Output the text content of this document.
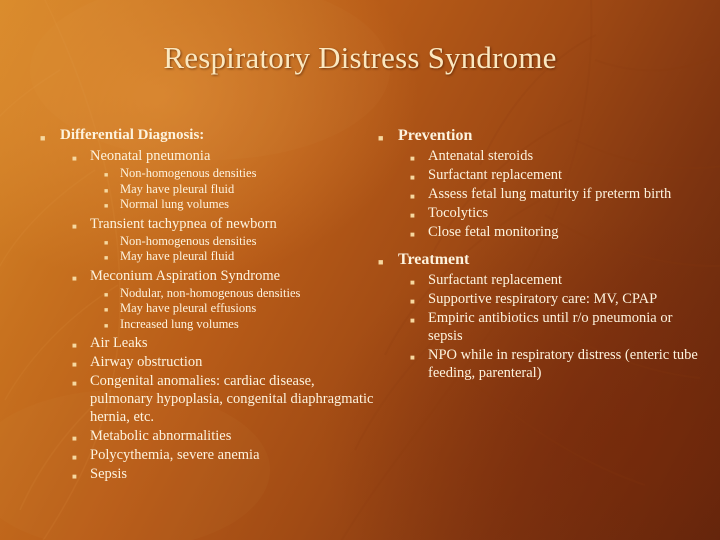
Respiratory Distress Syndrome
■ Differential Diagnosis:
■ Neonatal pneumonia
■ Non-homogenous densities
■ May have pleural fluid
■ Normal lung volumes
■ Transient tachypnea of newborn
■ Non-homogenous densities
■ May have pleural fluid
■ Meconium Aspiration Syndrome
■ Nodular, non-homogenous densities
■ May have pleural effusions
■ Increased lung volumes
■ Air Leaks
■ Airway obstruction
■ Congenital anomalies: cardiac disease, pulmonary hypoplasia, congenital diaphragmatic hernia, etc.
■ Metabolic abnormalities
■ Polycythemia, severe anemia
■ Sepsis
■ Prevention
■ Antenatal steroids
■ Surfactant replacement
■ Assess fetal lung maturity if preterm birth
■ Tocolytics
■ Close fetal monitoring
■ Treatment
■ Surfactant replacement
■ Supportive respiratory care: MV, CPAP
■ Empiric antibiotics until r/o pneumonia or sepsis
■ NPO while in respiratory distress (enteric tube feeding, parenteral)
